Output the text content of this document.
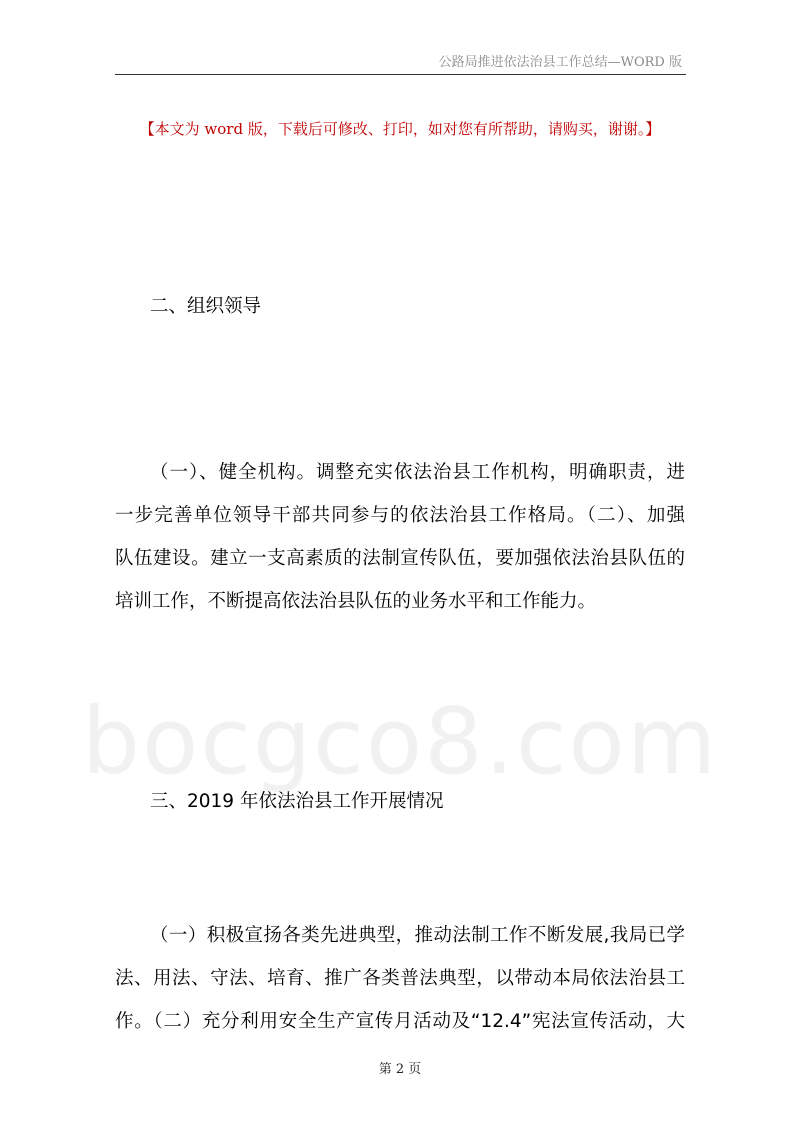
公路局推进依法治县工作总结—WORD 版
【本文为 word 版，下载后可修改、打印，如对您有所帮助，请购买，谢谢。】
二、组织领导
（一）、健全机构。调整充实依法治县工作机构，明确职责，进
一步完善单位领导干部共同参与的依法治县工作格局。（二）、加强
队伍建设。建立一支高素质的法制宣传队伍，要加强依法治县队伍的
培训工作，不断提高依法治县队伍的业务水平和工作能力。
bocgco8.com
三、2019 年依法治县工作开展情况
（一）积极宣扬各类先进典型，推动法制工作不断发展,我局已学
法、用法、守法、培育、推广各类普法典型，以带动本局依法治县工
作。（二）充分利用安全生产宣传月活动及“12.4”宪法宣传活动，大
第 2 页
